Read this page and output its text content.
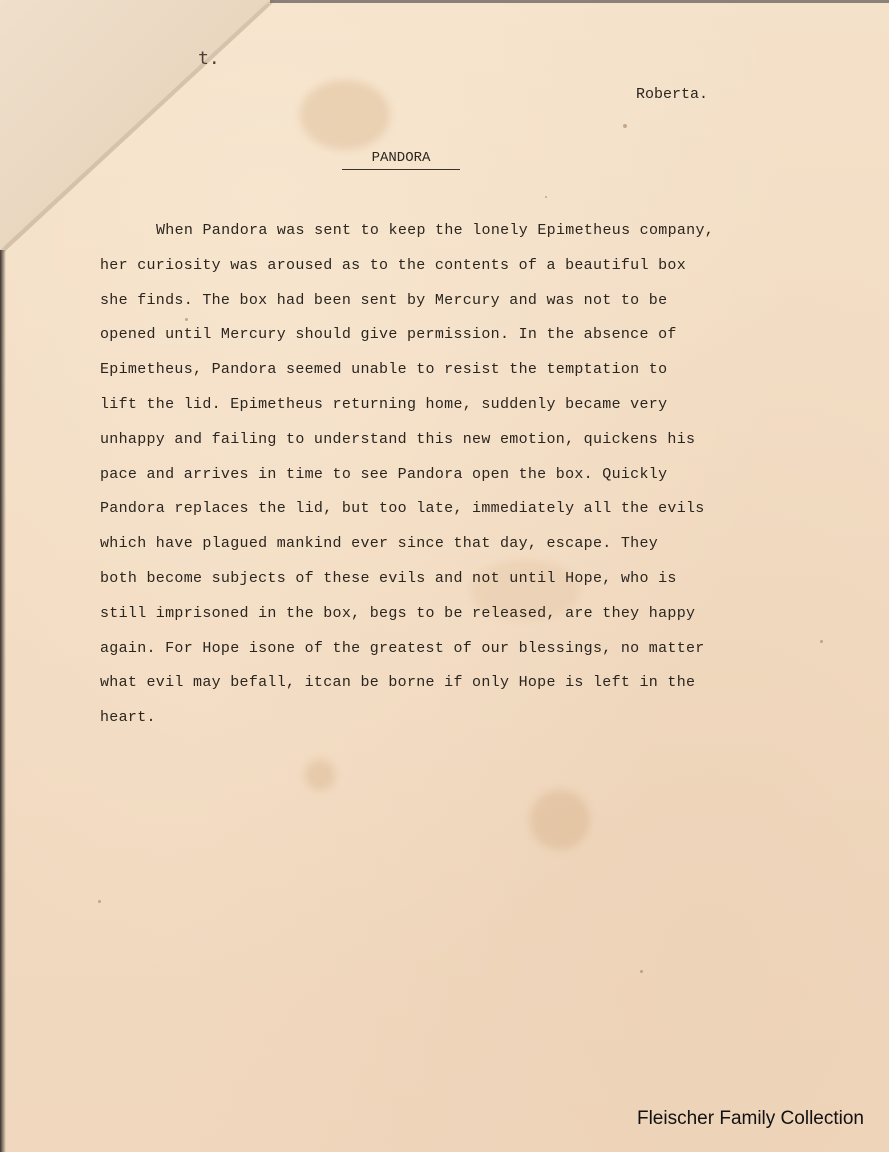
t.
Roberta.
PANDORA
When Pandora was sent to keep the lonely Epimetheus company,
her curiosity was aroused as to the contents of a beautiful box
she finds. The box had been sent by Mercury and was not to be
opened until Mercury should give permission. In the absence of
Epimetheus, Pandora seemed unable to resist the temptation to
lift the lid. Epimetheus returning home, suddenly became very
unhappy and failing to understand this new emotion, quickens his
pace and arrives in time to see Pandora open the box. Quickly
Pandora replaces the lid, but too late, immediately all the evils
which have plagued mankind ever since that day, escape. They
both become subjects of these evils and not until Hope, who is
still imprisoned in the box, begs to be released, are they happy
again. For Hope isone of the greatest of our blessings, no matter
what evil may befall, itcan be borne if only Hope is left in the
heart.
Fleischer Family Collection
